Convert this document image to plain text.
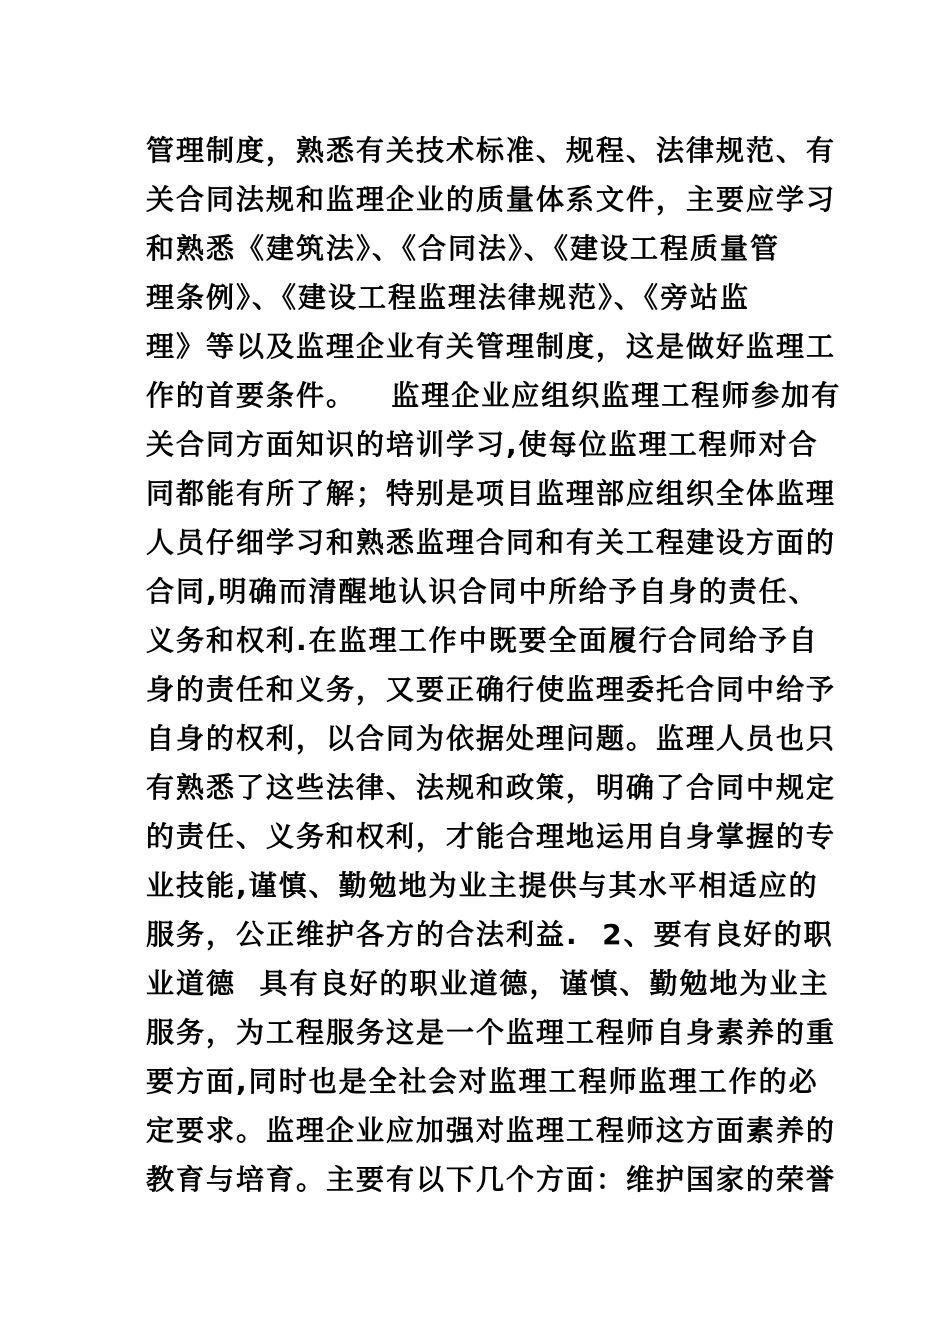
管理制度，熟悉有关技术标准、规程、法律规范、有
关合同法规和监理企业的质量体系文件，主要应学习
和熟悉《建筑法》、《合同法》、《建设工程质量管
理条例》、《建设工程监理法律规范》、《旁站监
理》等以及监理企业有关管理制度，这是做好监理工
作的首要条件。   监理企业应组织监理工程师参加有
关合同方面知识的培训学习,使每位监理工程师对合
同都能有所了解；特别是项目监理部应组织全体监理
人员仔细学习和熟悉监理合同和有关工程建设方面的
合同,明确而清醒地认识合同中所给予自身的责任、
义务和权利.在监理工作中既要全面履行合同给予自
身的责任和义务，又要正确行使监理委托合同中给予
自身的权利，以合同为依据处理问题。监理人员也只
有熟悉了这些法律、法规和政策，明确了合同中规定
的责任、义务和权利，才能合理地运用自身掌握的专
业技能,谨慎、勤勉地为业主提供与其水平相适应的
服务，公正维护各方的合法利益.  2、要有良好的职
业道德  具有良好的职业道德，谨慎、勤勉地为业主
服务，为工程服务这是一个监理工程师自身素养的重
要方面,同时也是全社会对监理工程师监理工作的必
定要求。监理企业应加强对监理工程师这方面素养的
教育与培育。主要有以下几个方面：维护国家的荣誉
